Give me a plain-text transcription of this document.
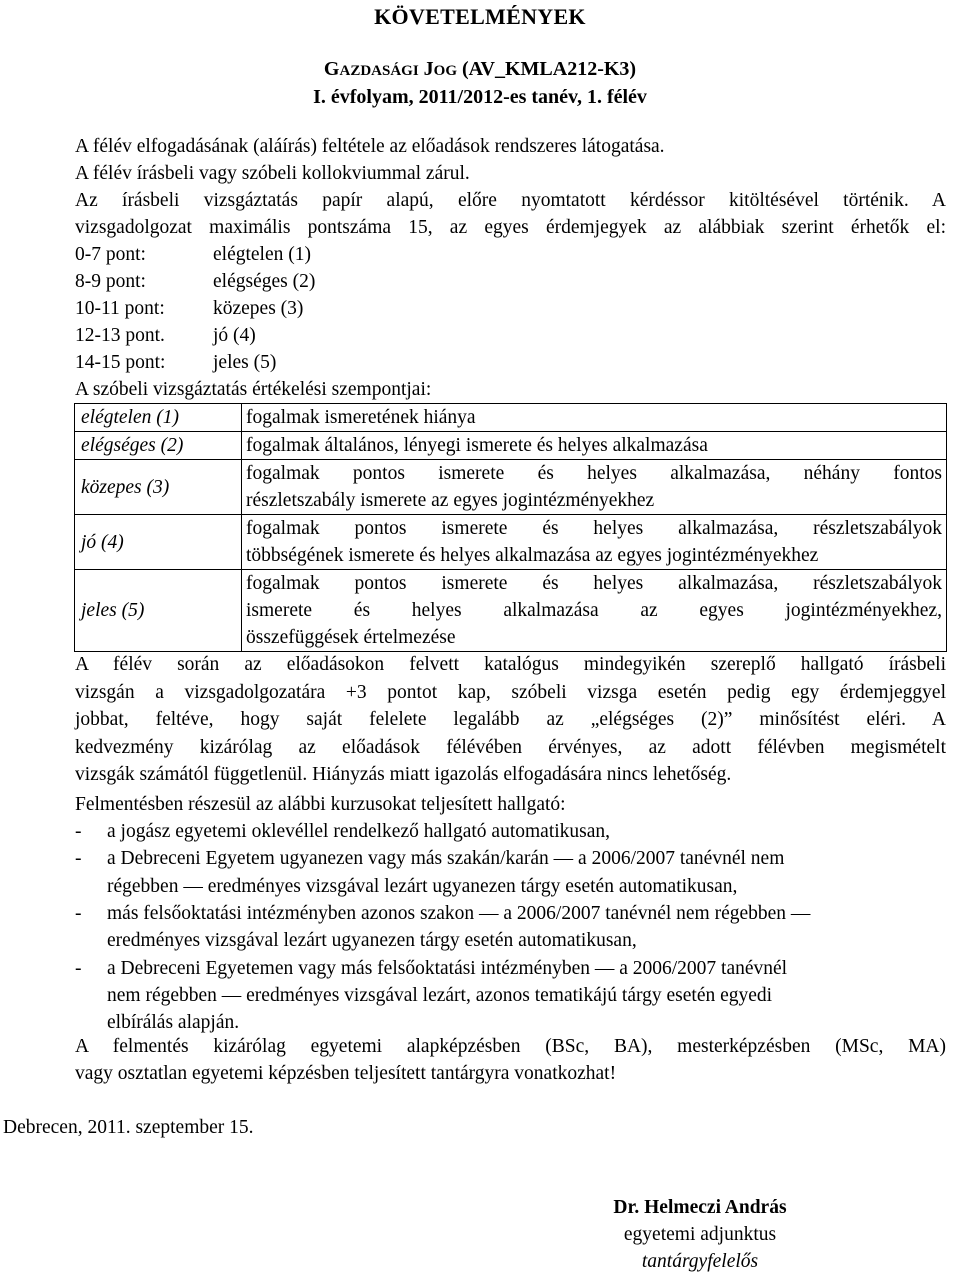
KÖVETELMÉNYEK
GAZDASÁGI JOG (AV_KMLA212-K3)
I. évfolyam, 2011/2012-es tanév, 1. félév
A félév elfogadásának (aláírás) feltétele az előadások rendszeres látogatása.
A félév írásbeli vagy szóbeli kollokviummal zárul.
Az írásbeli vizsgáztatás papír alapú, előre nyomtatott kérdéssor kitöltésével történik. A
vizsgadolgozat maximális pontszáma 15, az egyes érdemjegyek az alábbiak szerint érhetők el:
0-7 pont:	elégtelen (1)
8-9 pont:	elégséges (2)
10-11 pont: közepes (3)
12-13 pont. jó (4)
14-15 pont: jeles (5)
A szóbeli vizsgáztatás értékelési szempontjai:
elégtelen (1)	fogalmak ismeretének hiánya

elégséges (2)	fogalmak általános, lényegi ismerete és helyes alkalmazása

közepes (3)	fogalmak pontos ismerete és helyes alkalmazása, néhány fontos
részletszabály ismerete az egyes jogintézményekhez

jó (4)	fogalmak pontos ismerete és helyes alkalmazása, részletszabályok
többségének ismerete és helyes alkalmazása az egyes jogintézményekhez

jeles (5)	fogalmak pontos ismerete és helyes alkalmazása, részletszabályok
ismerete és helyes alkalmazása az egyes jogintézményekhez,
összefüggések értelmezése
A félév során az előadásokon felvett katalógus mindegyikén szereplő hallgató írásbeli
vizsgán a vizsgadolgozatára +3 pontot kap, szóbeli vizsga esetén pedig egy érdemjeggyel
jobbat, feltéve, hogy saját felelete legalább az „elégséges (2)” minősítést eléri. A
kedvezmény kizárólag az előadások félévében érvényes, az adott félévben megismételt
vizsgák számától függetlenül. Hiányzás miatt igazolás elfogadására nincs lehetőség.
Felmentésben részesül az alábbi kurzusokat teljesített hallgató:
- a jogász egyetemi oklevéllel rendelkező hallgató automatikusan,
- a Debreceni Egyetem ugyanezen vagy más szakán/karán — a 2006/2007 tanévnél nem
régebben — eredményes vizsgával lezárt ugyanezen tárgy esetén automatikusan,
- más felsőoktatási intézményben azonos szakon — a 2006/2007 tanévnél nem régebben —
eredményes vizsgával lezárt ugyanezen tárgy esetén automatikusan,
- a Debreceni Egyetemen vagy más felsőoktatási intézményben — a 2006/2007 tanévnél
nem régebben — eredményes vizsgával lezárt, azonos tematikájú tárgy esetén egyedi
elbírálás alapján.
A felmentés kizárólag egyetemi alapképzésben (BSc, BA), mesterképzésben (MSc, MA)
vagy osztatlan egyetemi képzésben teljesített tantárgyra vonatkozhat!
Debrecen, 2011. szeptember 15.
Dr. Helmeczi András
egyetemi adjunktus
tantárgyfelelős
